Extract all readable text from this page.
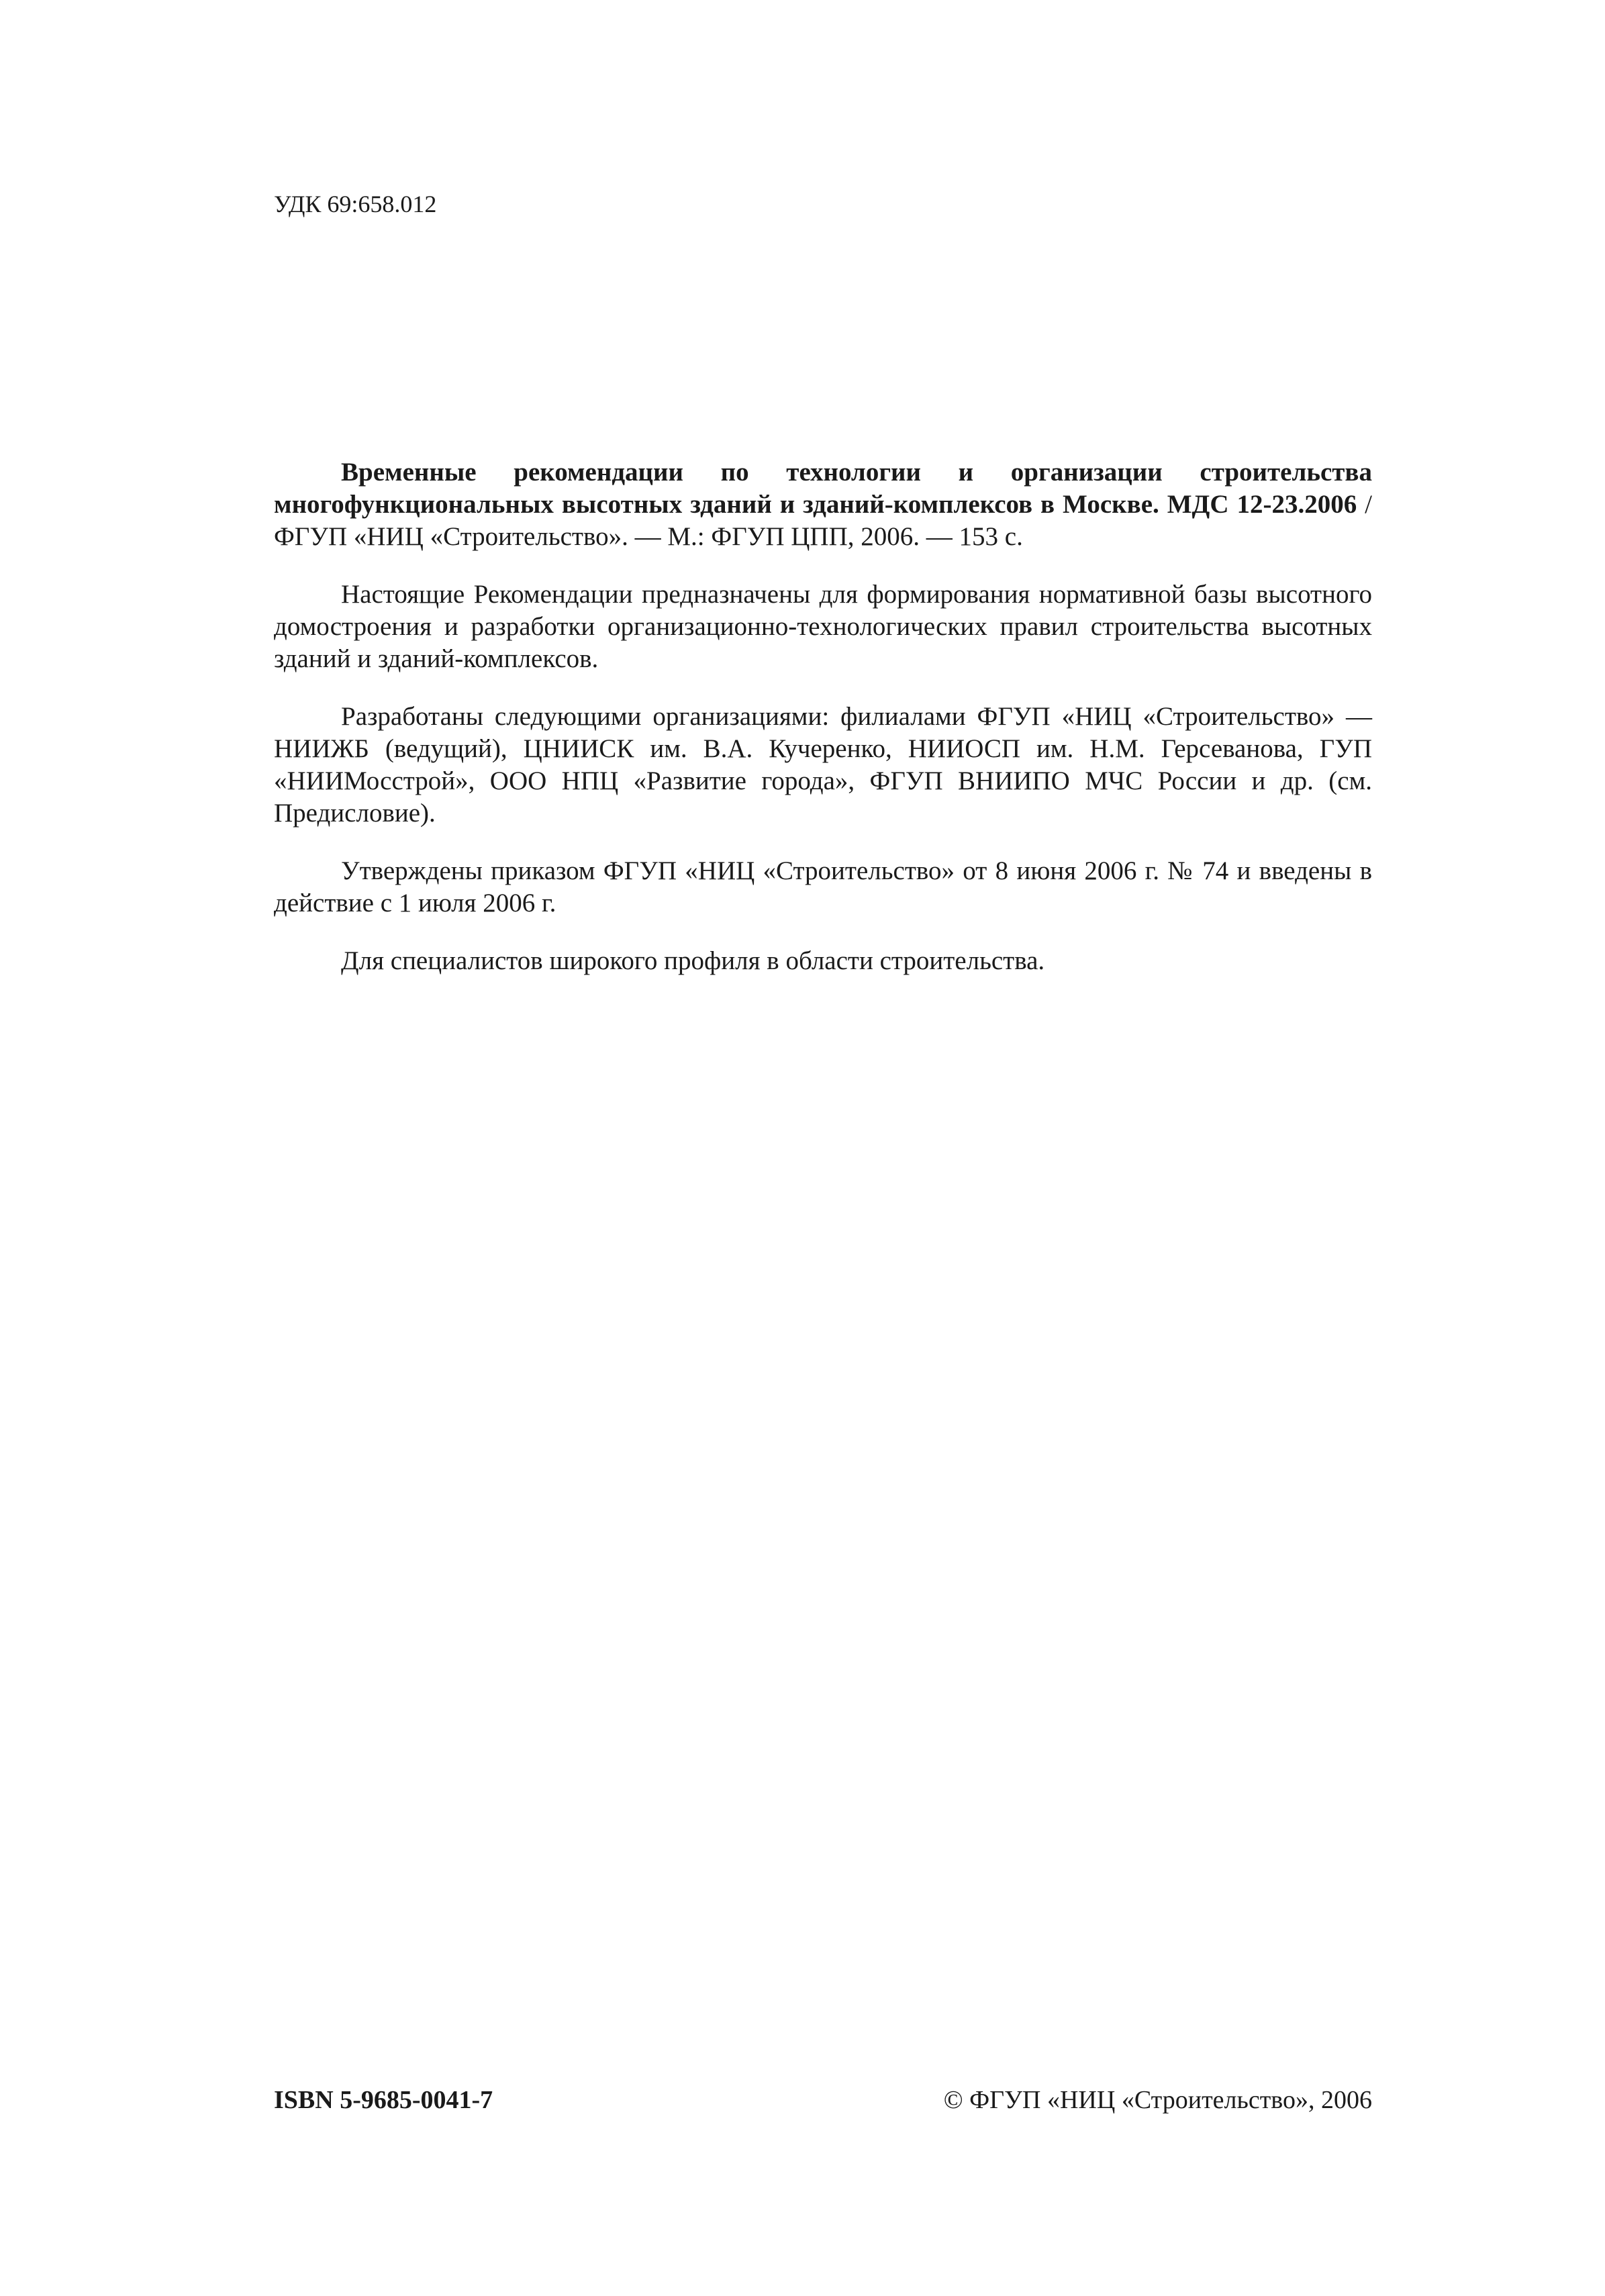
УДК 69:658.012

Временные рекомендации по технологии и организации строительства многофункциональных высотных зданий и зданий-комплексов в Москве. МДС 12-23.2006 / ФГУП «НИЦ «Строительство». — М.: ФГУП ЦПП, 2006. — 153 с.

Настоящие Рекомендации предназначены для формирования нормативной базы высотного домостроения и разработки организационно-технологических правил строительства высотных зданий и зданий-комплексов.

Разработаны следующими организациями: филиалами ФГУП «НИЦ «Строительство» — НИИЖБ (ведущий), ЦНИИСК им. В.А. Кучеренко, НИИОСП им. Н.М. Герсеванова, ГУП «НИИМосстрой», ООО НПЦ «Развитие города», ФГУП ВНИИПО МЧС России и др. (см. Предисловие).

Утверждены приказом ФГУП «НИЦ «Строительство» от 8 июня 2006 г. № 74 и введены в действие с 1 июля 2006 г.

Для специалистов широкого профиля в области строительства.

ISBN 5-9685-0041-7	© ФГУП «НИЦ «Строительство», 2006
